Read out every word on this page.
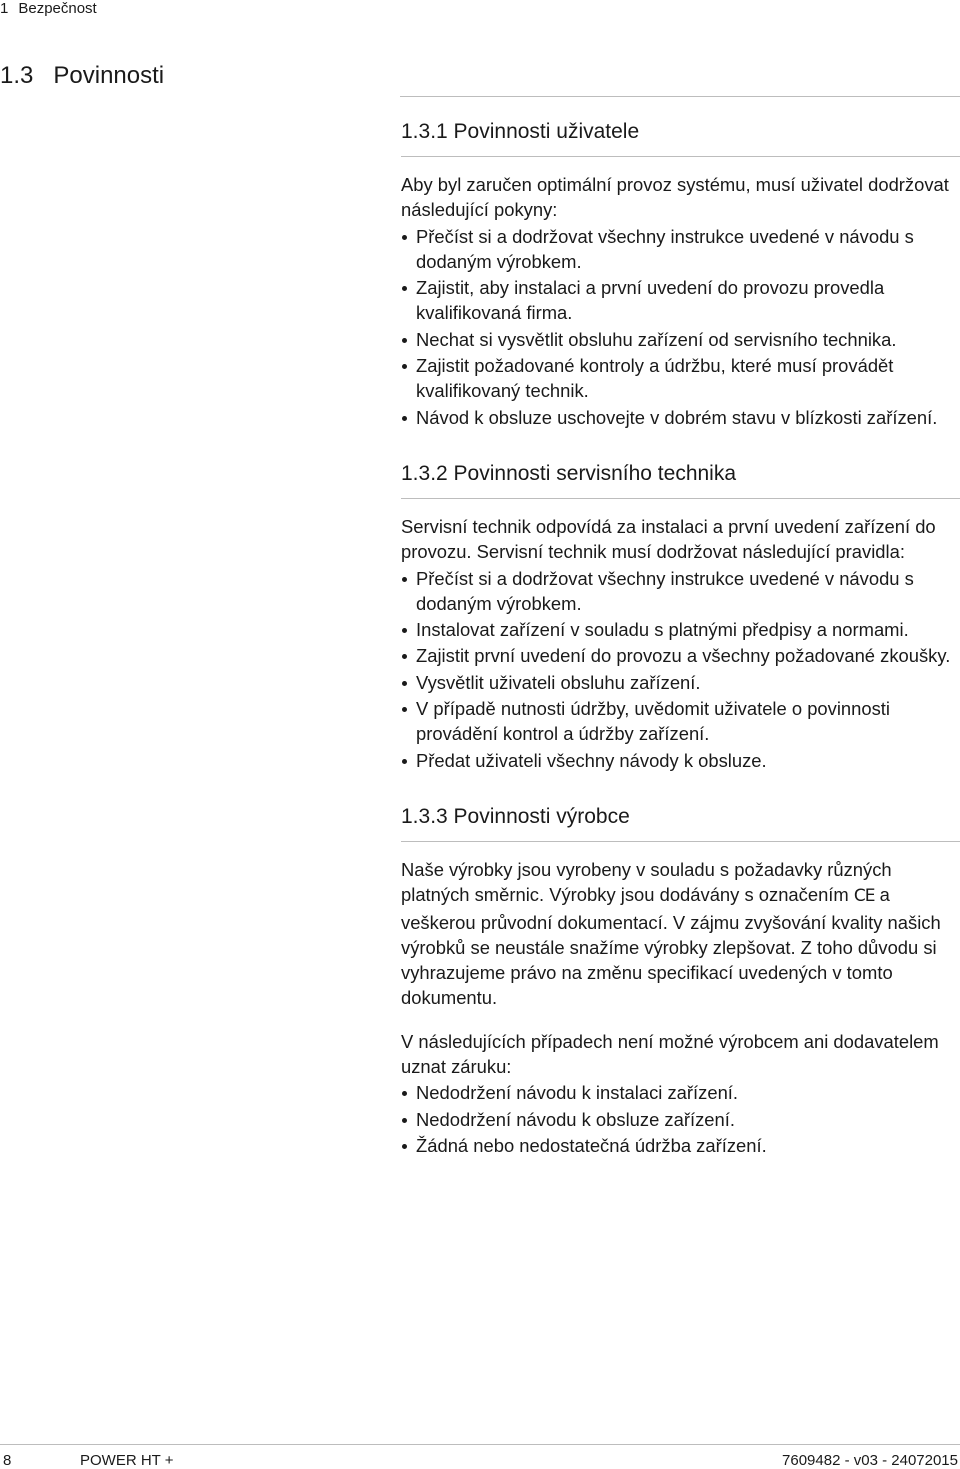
1 Bezpečnost
1.3 Povinnosti
1.3.1 Povinnosti uživatele

Aby byl zaručen optimální provoz systému, musí uživatel dodržovat následující pokyny:

Přečíst si a dodržovat všechny instrukce uvedené v návodu s dodaným výrobkem.
Zajistit, aby instalaci a první uvedení do provozu provedla kvalifikovaná firma.
Nechat si vysvětlit obsluhu zařízení od servisního technika.
Zajistit požadované kontroly a údržbu, které musí provádět kvalifikovaný technik.
Návod k obsluze uschovejte v dobrém stavu v blízkosti zařízení.
1.3.2 Povinnosti servisního technika

Servisní technik odpovídá za instalaci a první uvedení zařízení do provozu. Servisní technik musí dodržovat následující pravidla:

Přečíst si a dodržovat všechny instrukce uvedené v návodu s dodaným výrobkem.
Instalovat zařízení v souladu s platnými předpisy a normami.
Zajistit první uvedení do provozu a všechny požadované zkoušky.
Vysvětlit uživateli obsluhu zařízení.
V případě nutnosti údržby, uvědomit uživatele o povinnosti provádění kontrol a údržby zařízení.
Předat uživateli všechny návody k obsluze.
1.3.3 Povinnosti výrobce

Naše výrobky jsou vyrobeny v souladu s požadavky různých platných směrnic. Výrobky jsou dodávány s označením CE a veškerou průvodní dokumentací. V zájmu zvyšování kvality našich výrobků se neustále snažíme výrobky zlepšovat. Z toho důvodu si vyhrazujeme právo na změnu specifikací uvedených v tomto dokumentu.

V následujících případech není možné výrobcem ani dodavatelem uznat záruku:

Nedodržení návodu k instalaci zařízení.
Nedodržení návodu k obsluze zařízení.
Žádná nebo nedostatečná údržba zařízení.
8	POWER HT +	7609482 - v03 - 24072015
